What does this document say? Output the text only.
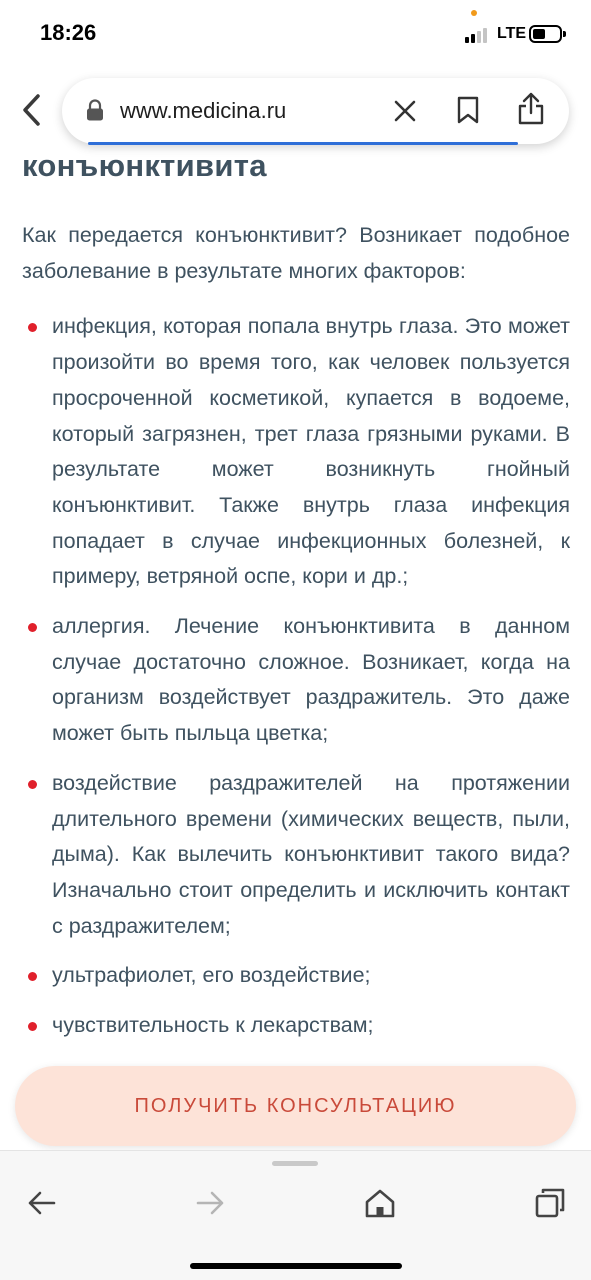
18:26	LTE
www.medicina.ru
конъюнктивита

Как передается конъюнктивит? Возникает подобное заболевание в результате многих факторов:

инфекция, которая попала внутрь глаза. Это может произойти во время того, как человек пользуется просроченной косметикой, купается в водоеме, который загрязнен, трет глаза грязными руками. В результате может возникнуть гнойный конъюнктивит. Также внутрь глаза инфекция попадает в случае инфекционных болезней, к примеру, ветряной оспе, кори и др.;
аллергия. Лечение конъюнктивита в данном случае достаточно сложное. Возникает, когда на организм воздействует раздражитель. Это даже может быть пыльца цветка;
воздействие раздражителей на протяжении длительного времени (химических веществ, пыли, дыма). Как вылечить конъюнктивит такого вида? Изначально стоит определить и исключить контакт с раздражителем;
ультрафиолет, его воздействие;
чувствительность к лекарствам;
ПОЛУЧИТЬ КОНСУЛЬТАЦИЮ
